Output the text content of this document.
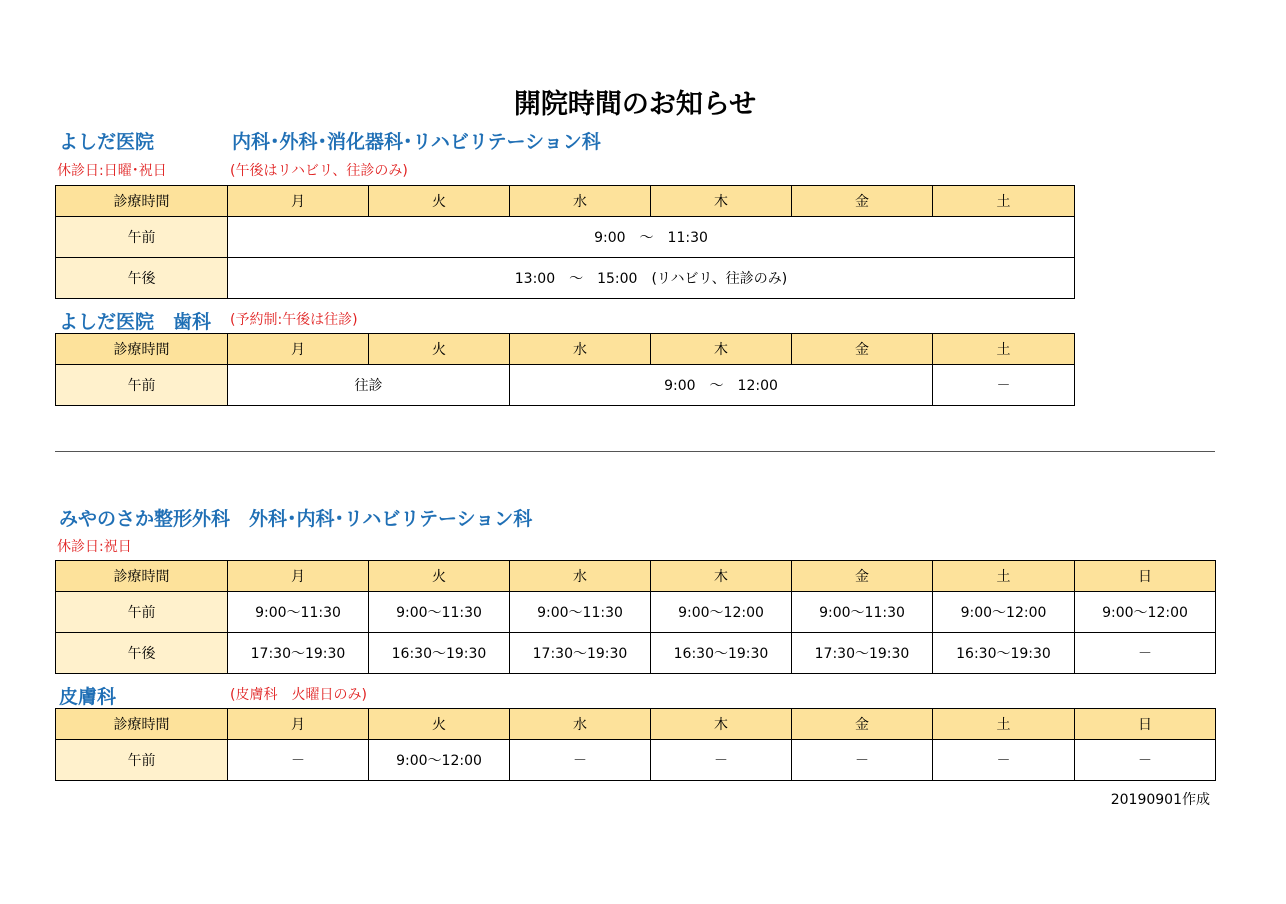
開院時間のお知らせ
よしだ医院	内科･外科･消化器科･リハビリテーション科
休診日:日曜･祝日	(午後はリハビリ、往診のみ)
診療時間	月	火	水	木	金	土
午前	9:00　～　11:30					
午後	13:00　～　15:00　(リハビリ、往診のみ)					
よしだ医院　歯科 (予約制:午後は往診)
診療時間	月	火	水	木	金	土
午前	往診		9:00　～　12:00			－
みやのさか整形外科　外科･内科･リハビリテーション科
休診日:祝日
診療時間	月	火	水	木	金	土	日
午前	9:00～11:30	9:00～11:30	9:00～11:30	9:00～12:00	9:00～11:30	9:00～12:00	9:00～12:00
午後	17:30～19:30	16:30～19:30	17:30～19:30	16:30～19:30	17:30～19:30	16:30～19:30	－
皮膚科	(皮膚科　火曜日のみ)
診療時間	月	火	水	木	金	土	日
午前	－	9:00～12:00	－	－	－	－	－
20190901作成
